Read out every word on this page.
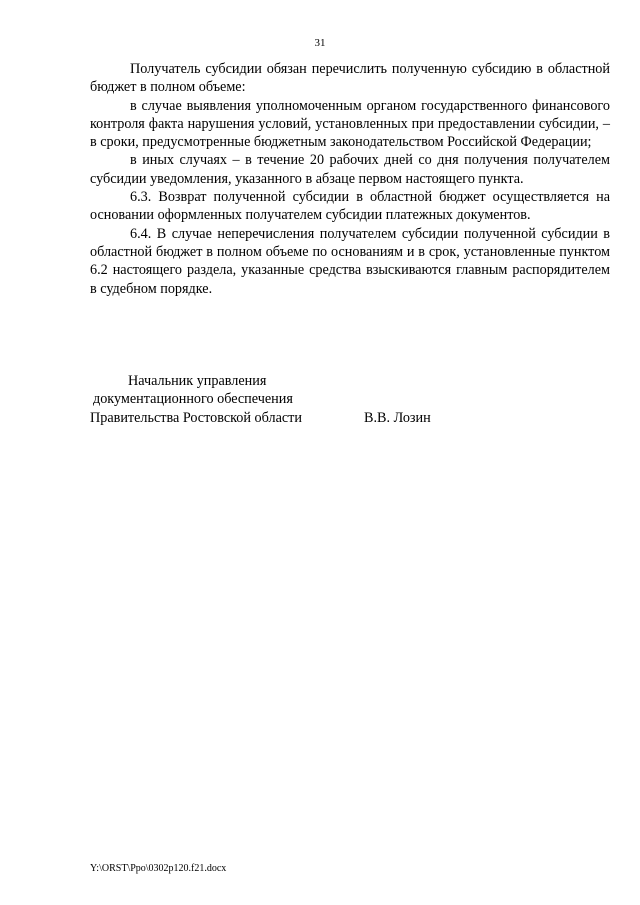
31

Получатель субсидии обязан перечислить полученную субсидию в областной бюджет в полном объеме:

в случае выявления уполномоченным органом государственного финансового контроля факта нарушения условий, установленных при предоставлении субсидии, – в сроки, предусмотренные бюджетным законодательством Российской Федерации;

в иных случаях – в течение 20 рабочих дней со дня получения получателем субсидии уведомления, указанного в абзаце первом настоящего пункта.

6.3. Возврат полученной субсидии в областной бюджет осуществляется на основании оформленных получателем субсидии платежных документов.

6.4. В случае неперечисления получателем субсидии полученной субсидии в областной бюджет в полном объеме по основаниям и в срок, установленные пунктом 6.2 настоящего раздела, указанные средства взыскиваются главным распорядителем в судебном порядке.

Начальник управления
документационного обеспечения
Правительства Ростовской области	В.В. Лозин
Y:\ORST\Ppo\0302p120.f21.docx
